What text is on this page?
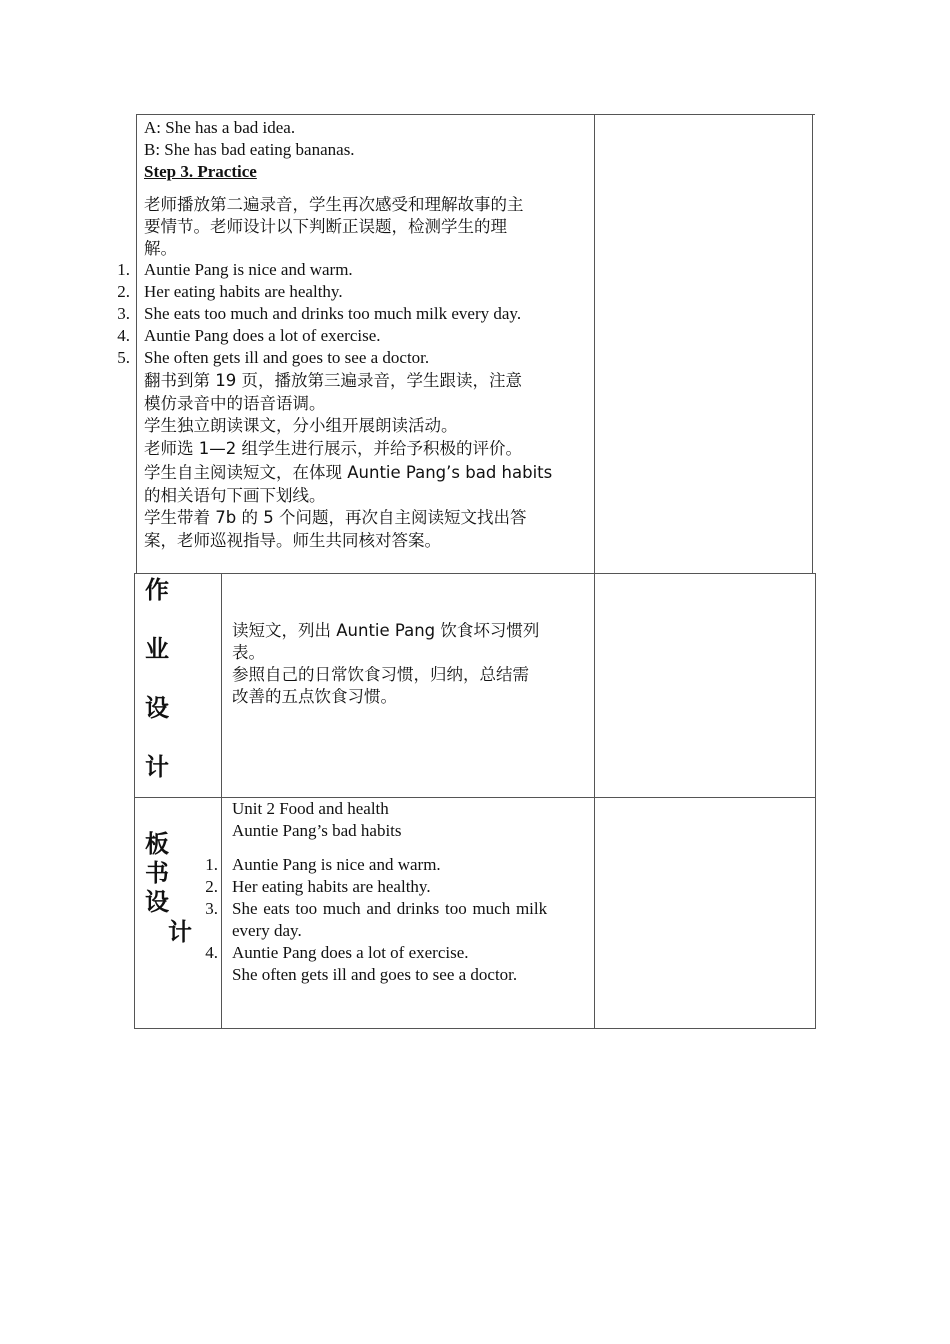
A: She has a bad idea.
B: She has bad eating bananas.
Step 3. Practice
老师播放第二遍录音，学生再次感受和理解故事的主
要情节。老师设计以下判断正误题，检测学生的理
解。
1.
2.
3.
4.
5.
Auntie Pang is nice and warm.
Her eating habits are healthy.
She eats too much and drinks too much milk every day.
Auntie Pang does a lot of exercise.
She often gets ill and goes to see a doctor.
翻书到第 19 页，播放第三遍录音，学生跟读，注意
模仿录音中的语音语调。
学生独立朗读课文，分小组开展朗读活动。
老师选 1—2 组学生进行展示，并给予积极的评价。
学生自主阅读短文，在体现 Auntie Pang’s bad habits
的相关语句下画下划线。
学生带着 7b 的 5 个问题，再次自主阅读短文找出答
案，老师巡视指导。师生共同核对答案。
作
业
设
计
读短文，列出 Auntie Pang 饮食坏习惯列
表。
参照自己的日常饮食习惯，归纳，总结需
改善的五点饮食习惯。
板
书
设
计
1.
2.
3.
4.
Unit 2 Food and health
Auntie Pang’s bad habits
Auntie Pang is nice and warm.
Her eating habits are healthy.
She eats too much and drinks too much milk
every day.
Auntie Pang does a lot of exercise.
She often gets ill and goes to see a doctor.
